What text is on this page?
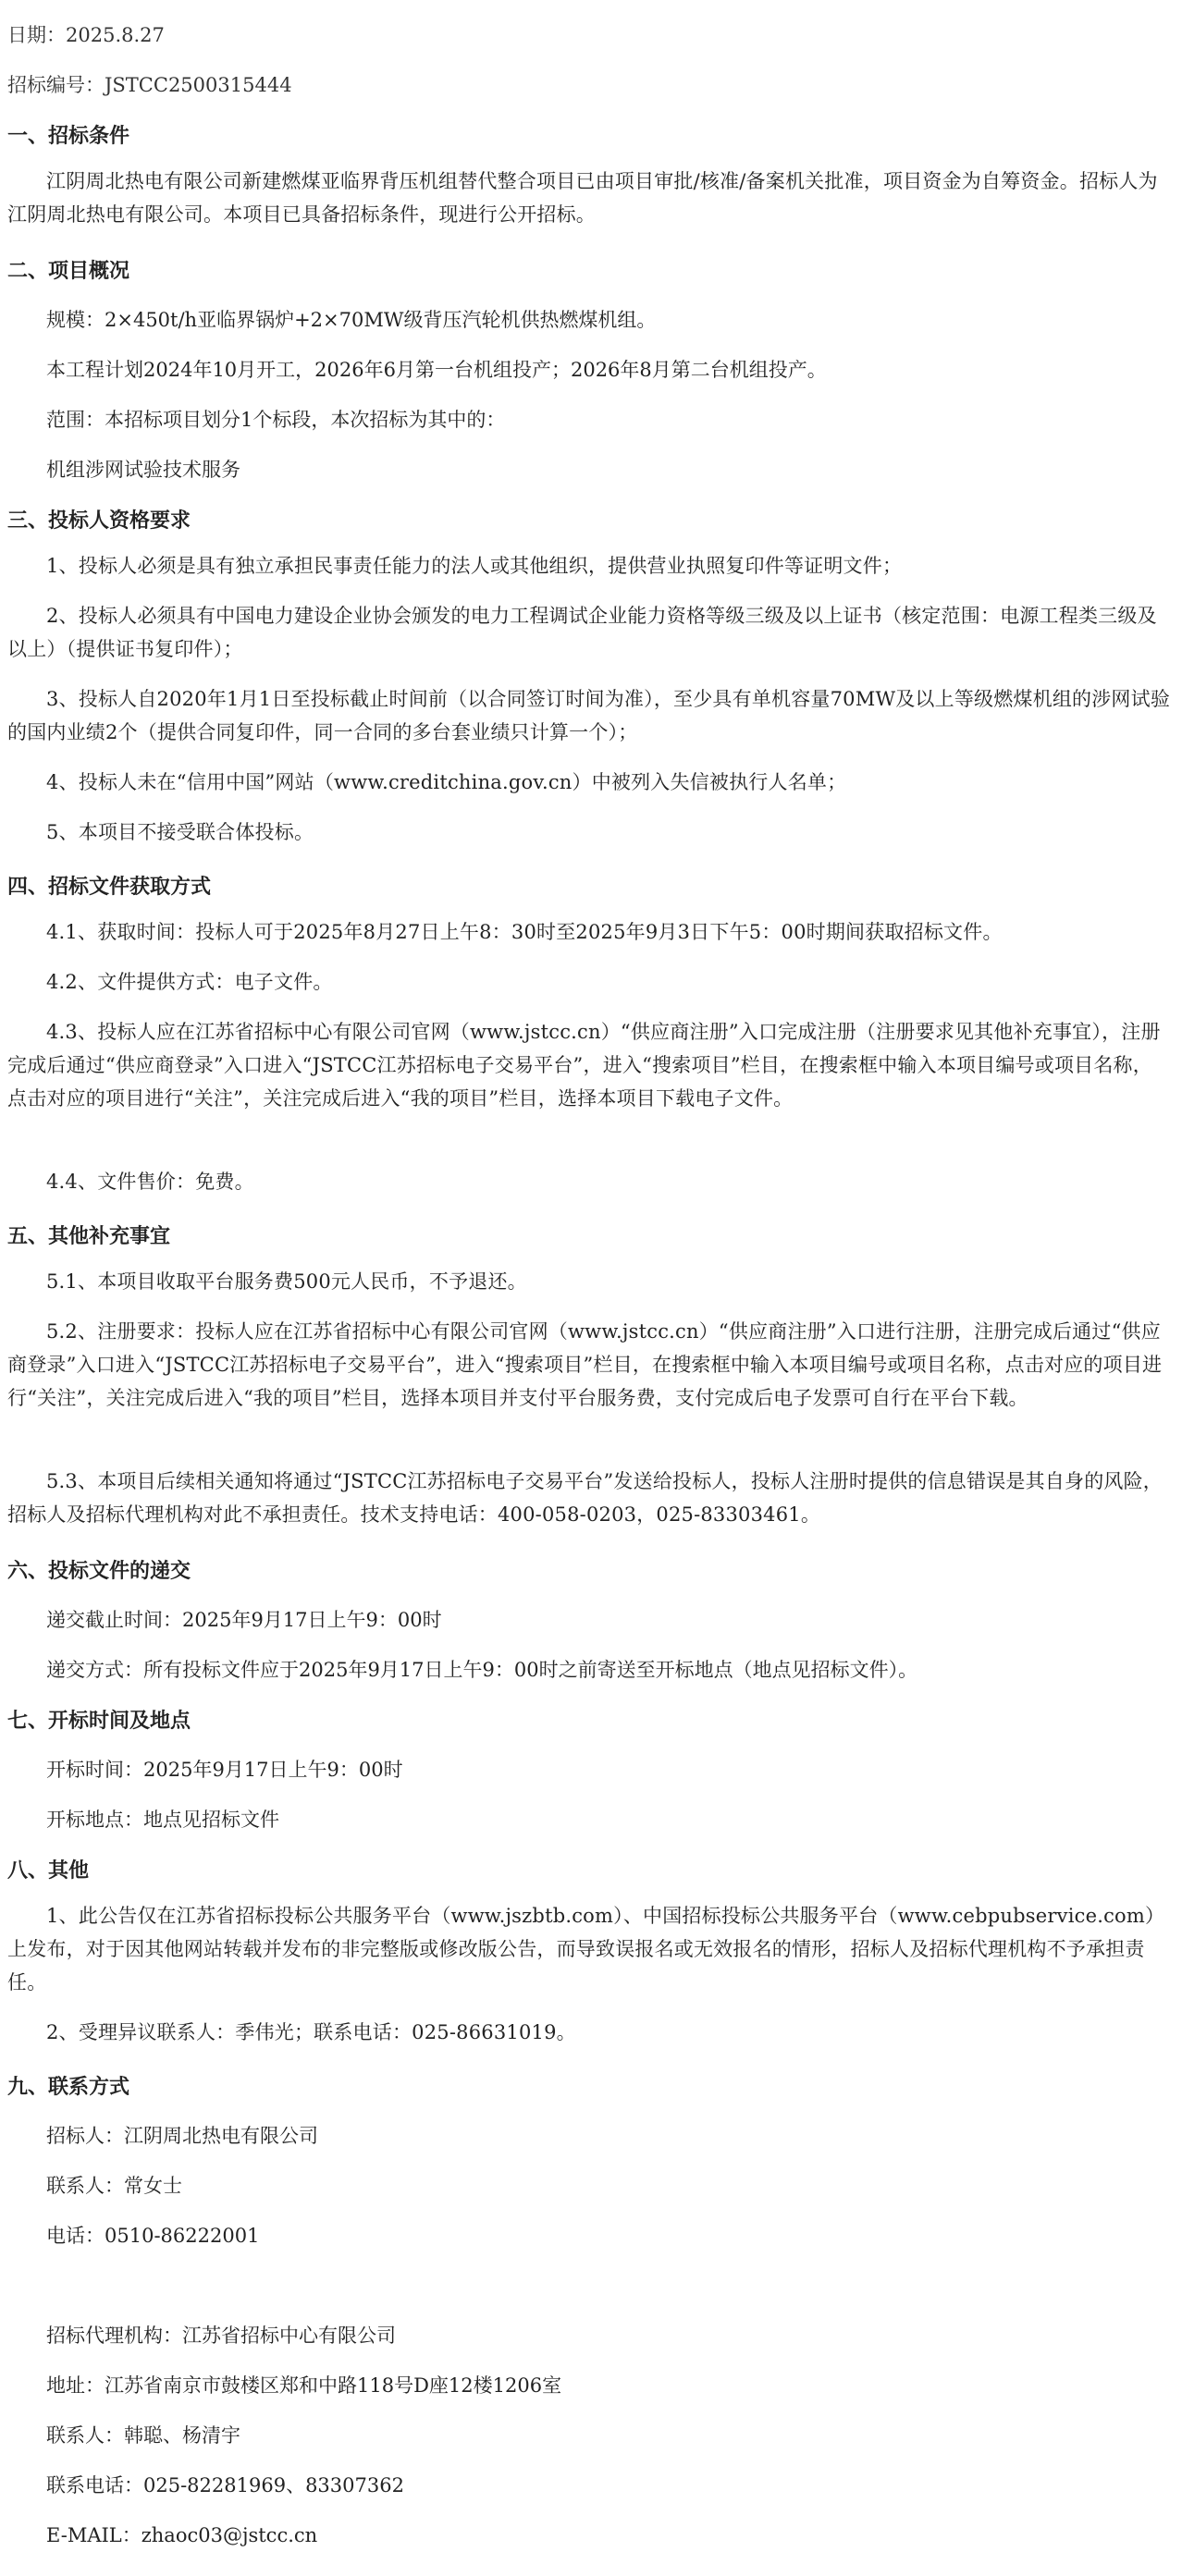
日期：2025.8.27

招标编号：JSTCC2500315444

一、招标条件

江阴周北热电有限公司新建燃煤亚临界背压机组替代整合项目已由项目审批/核准/备案机关批准，项目资金为自筹资金。招标人为江阴周北热电有限公司。本项目已具备招标条件，现进行公开招标。

二、项目概况

规模：2×450t/h亚临界锅炉+2×70MW级背压汽轮机供热燃煤机组。

本工程计划2024年10月开工，2026年6月第一台机组投产；2026年8月第二台机组投产。

范围：本招标项目划分1个标段，本次招标为其中的：

机组涉网试验技术服务

三、投标人资格要求

1、投标人必须是具有独立承担民事责任能力的法人或其他组织，提供营业执照复印件等证明文件；

2、投标人必须具有中国电力建设企业协会颁发的电力工程调试企业能力资格等级三级及以上证书（核定范围：电源工程类三级及以上）（提供证书复印件）；

3、投标人自2020年1月1日至投标截止时间前（以合同签订时间为准），至少具有单机容量70MW及以上等级燃煤机组的涉网试验的国内业绩2个（提供合同复印件，同一合同的多台套业绩只计算一个）；

4、投标人未在“信用中国”网站（www.creditchina.gov.cn）中被列入失信被执行人名单；

5、本项目不接受联合体投标。

四、招标文件获取方式

4.1、获取时间：投标人可于2025年8月27日上午8：30时至2025年9月3日下午5：00时期间获取招标文件。

4.2、文件提供方式：电子文件。

4.3、投标人应在江苏省招标中心有限公司官网（www.jstcc.cn）“供应商注册”入口完成注册（注册要求见其他补充事宜），注册完成后通过“供应商登录”入口进入“JSTCC江苏招标电子交易平台”，进入“搜索项目”栏目，在搜索框中输入本项目编号或项目名称，点击对应的项目进行“关注”，关注完成后进入“我的项目”栏目，选择本项目下载电子文件。

4.4、文件售价：免费。

五、其他补充事宜

5.1、本项目收取平台服务费500元人民币，不予退还。

5.2、注册要求：投标人应在江苏省招标中心有限公司官网（www.jstcc.cn）“供应商注册”入口进行注册，注册完成后通过“供应商登录”入口进入“JSTCC江苏招标电子交易平台”，进入“搜索项目”栏目，在搜索框中输入本项目编号或项目名称，点击对应的项目进行“关注”，关注完成后进入“我的项目”栏目，选择本项目并支付平台服务费，支付完成后电子发票可自行在平台下载。

5.3、本项目后续相关通知将通过“JSTCC江苏招标电子交易平台”发送给投标人，投标人注册时提供的信息错误是其自身的风险，招标人及招标代理机构对此不承担责任。技术支持电话：400-058-0203，025-83303461。

六、投标文件的递交

递交截止时间：2025年9月17日上午9：00时

递交方式：所有投标文件应于2025年9月17日上午9：00时之前寄送至开标地点（地点见招标文件）。

七、开标时间及地点

开标时间：2025年9月17日上午9：00时

开标地点：地点见招标文件

八、其他

1、此公告仅在江苏省招标投标公共服务平台（www.jszbtb.com）、中国招标投标公共服务平台（www.cebpubservice.com）上发布，对于因其他网站转载并发布的非完整版或修改版公告，而导致误报名或无效报名的情形，招标人及招标代理机构不予承担责任。

2、受理异议联系人：季伟光；联系电话：025-86631019。

九、联系方式

招标人：江阴周北热电有限公司

联系人：常女士

电话：0510-86222001

招标代理机构：江苏省招标中心有限公司

地址：江苏省南京市鼓楼区郑和中路118号D座12楼1206室

联系人：韩聪、杨清宇

联系电话：025-82281969、83307362

E-MAIL：zhaoc03@jstcc.cn
